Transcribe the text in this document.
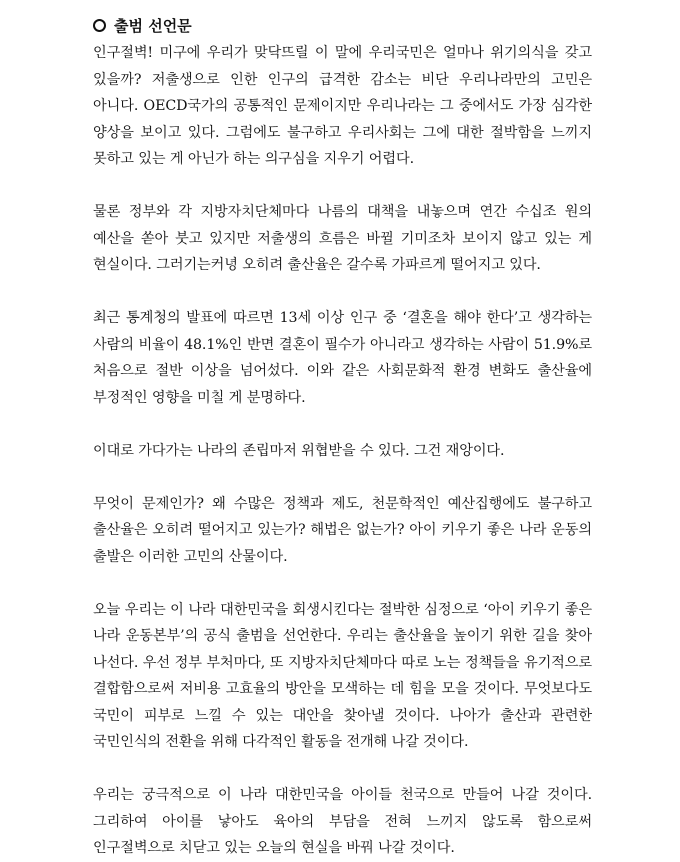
출범 선언문

인구절벽! 미구에 우리가 맞닥뜨릴 이 말에 우리국민은 얼마나 위기의식을 갖고 있을까? 저출생으로 인한 인구의 급격한 감소는 비단 우리나라만의 고민은 아니다. OECD국가의 공통적인 문제이지만 우리나라는 그 중에서도 가장 심각한 양상을 보이고 있다. 그럼에도 불구하고 우리사회는 그에 대한 절박함을 느끼지 못하고 있는 게 아닌가 하는 의구심을 지우기 어렵다.

물론 정부와 각 지방자치단체마다 나름의 대책을 내놓으며 연간 수십조 원의 예산을 쏟아 붓고 있지만 저출생의 흐름은 바뀔 기미조차 보이지 않고 있는 게 현실이다. 그러기는커녕 오히려 출산율은 갈수록 가파르게 떨어지고 있다.

최근 통계청의 발표에 따르면 13세 이상 인구 중 ‘결혼을 해야 한다’고 생각하는 사람의 비율이 48.1%인 반면 결혼이 필수가 아니라고 생각하는 사람이 51.9%로 처음으로 절반 이상을 넘어섰다. 이와 같은 사회문화적 환경 변화도 출산율에 부정적인 영향을 미칠 게 분명하다.

이대로 가다가는 나라의 존립마저 위협받을 수 있다. 그건 재앙이다.

무엇이 문제인가? 왜 수많은 정책과 제도, 천문학적인 예산집행에도 불구하고 출산율은 오히려 떨어지고 있는가? 해법은 없는가? 아이 키우기 좋은 나라 운동의 출발은 이러한 고민의 산물이다.

오늘 우리는 이 나라 대한민국을 회생시킨다는 절박한 심정으로 ‘아이 키우기 좋은 나라 운동본부’의 공식 출범을 선언한다. 우리는 출산율을 높이기 위한 길을 찾아 나선다. 우선 정부 부처마다, 또 지방자치단체마다 따로 노는 정책들을 유기적으로 결합함으로써 저비용 고효율의 방안을 모색하는 데 힘을 모을 것이다. 무엇보다도 국민이 피부로 느낄 수 있는 대안을 찾아낼 것이다. 나아가 출산과 관련한 국민인식의 전환을 위해 다각적인 활동을 전개해 나갈 것이다.

우리는 궁극적으로 이 나라 대한민국을 아이들 천국으로 만들어 나갈 것이다. 그리하여 아이를 낳아도 육아의 부담을 전혀 느끼지 않도록 함으로써 인구절벽으로 치닫고 있는 오늘의 현실을 바꿔 나갈 것이다.
